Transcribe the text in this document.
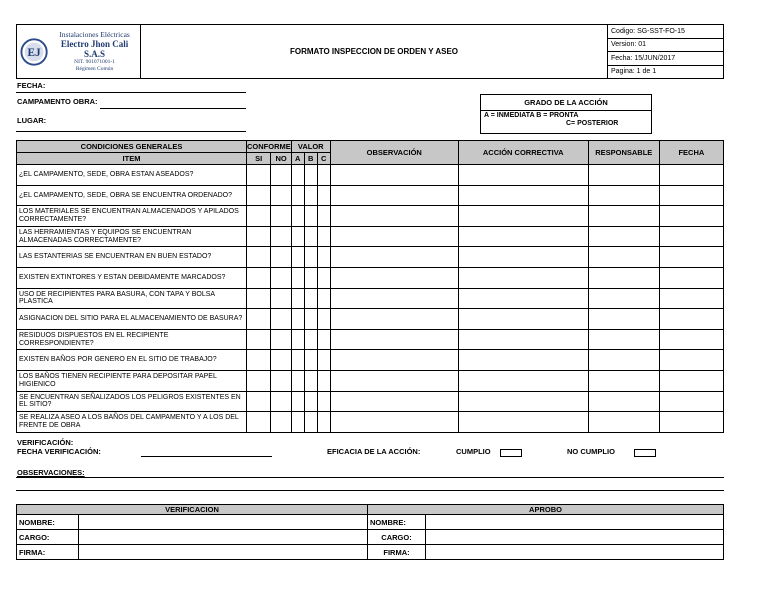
EJ
Instalaciones Eléctricas
Electro Jhon Cali S.A.S
NIT. 901071001-1
Régimen Común
	FORMATO INSPECCION DE ORDEN Y ASEO	Codigo: SG-SST-FO-15
Version: 01
Fecha: 15/JUN/2017
Pagina: 1 de 1
FECHA:
CAMPAMENTO OBRA:
LUGAR:
GRADO DE LA ACCIÓN
A = INMEDIATA B = PRONTA
C= POSTERIOR
CONDICIONES GENERALES	CONFORME		VALOR			OBSERVACIÓN	ACCIÓN CORRECTIVA	RESPONSABLE	FECHA
ITEM	SI	NO	A	B	C				
¿EL CAMPAMENTO, SEDE, OBRA ESTAN ASEADOS?									
¿EL CAMPAMENTO, SEDE, OBRA SE ENCUENTRA ORDENADO?									
LOS MATERIALES SE ENCUENTRAN ALMACENADOS Y APILADOS CORRECTAMENTE?									
LAS HERRAMIENTAS Y EQUIPOS SE ENCUENTRAN ALMACENADAS CORRECTAMENTE?									
LAS ESTANTERIAS SE ENCUENTRAN EN BUEN ESTADO?									
EXISTEN EXTINTORES Y ESTAN DEBIDAMENTE MARCADOS?									
USO DE RECIPIENTES PARA BASURA, CON TAPA Y BOLSA PLASTICA									
ASIGNACION DEL SITIO PARA EL ALMACENAMIENTO DE BASURA?									
RESIDUOS DISPUESTOS EN EL RECIPIENTE CORRESPONDIENTE?									
EXISTEN BAÑOS POR GENERO EN EL SITIO DE TRABAJO?									
LOS BAÑOS TIENEN RECIPIENTE PARA DEPOSITAR PAPEL HIGIENICO									
SE ENCUENTRAN SEÑALIZADOS LOS PELIGROS EXISTENTES EN EL SITIO?									
SE REALIZA ASEO A LOS BAÑOS DEL CAMPAMENTO Y A LOS DEL FRENTE DE OBRA									
VERIFICACIÓN:
FECHA VERIFICACIÓN:	EFICACIA DE LA ACCIÓN:	CUMPLIO	NO CUMPLIO
OBSERVACIONES:
VERIFICACION		APROBO	
NOMBRE:		NOMBRE:	
CARGO:		CARGO:	
FIRMA:		FIRMA:	
